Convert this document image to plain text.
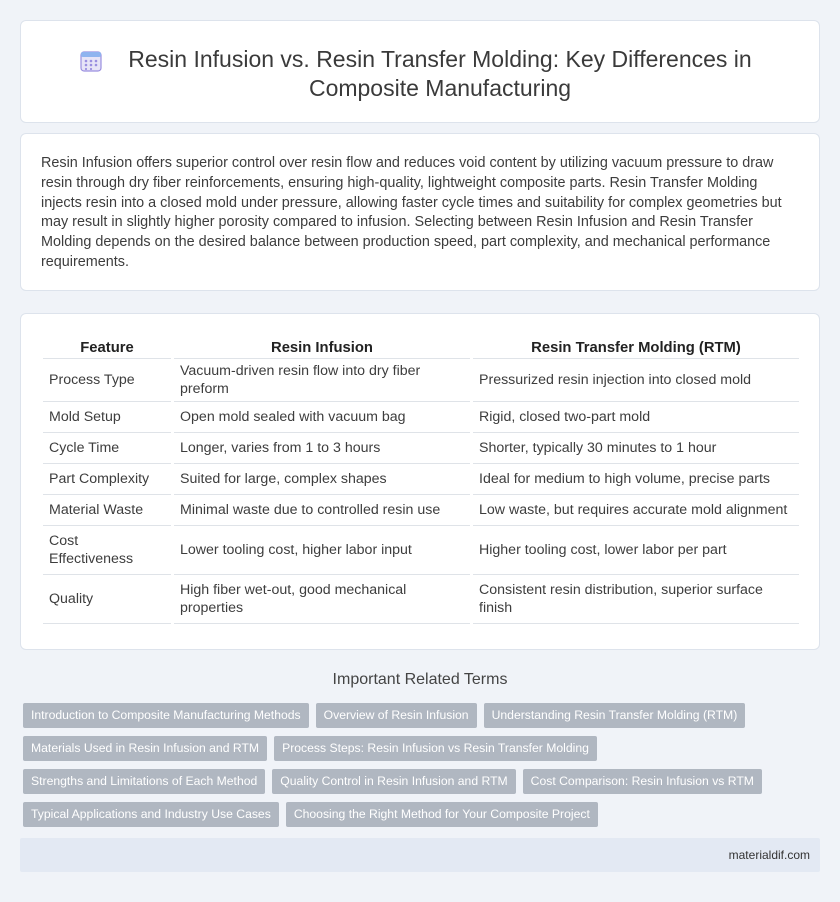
Resin Infusion vs. Resin Transfer Molding: Key Differences in Composite Manufacturing

Resin Infusion offers superior control over resin flow and reduces void content by utilizing vacuum pressure to draw resin through dry fiber reinforcements, ensuring high-quality, lightweight composite parts. Resin Transfer Molding injects resin into a closed mold under pressure, allowing faster cycle times and suitability for complex geometries but may result in slightly higher porosity compared to infusion. Selecting between Resin Infusion and Resin Transfer Molding depends on the desired balance between production speed, part complexity, and mechanical performance requirements.

Feature		Resin Infusion		Resin Transfer Molding (RTM)
Process Type		Vacuum-driven resin flow into dry fiber preform		Pressurized resin injection into closed mold
Mold Setup		Open mold sealed with vacuum bag		Rigid, closed two-part mold
Cycle Time		Longer, varies from 1 to 3 hours		Shorter, typically 30 minutes to 1 hour
Part Complexity		Suited for large, complex shapes		Ideal for medium to high volume, precise parts
Material Waste		Minimal waste due to controlled resin use		Low waste, but requires accurate mold alignment
Cost Effectiveness		Lower tooling cost, higher labor input		Higher tooling cost, lower labor per part
Quality		High fiber wet-out, good mechanical properties		Consistent resin distribution, superior surface finish
Important Related Terms
Introduction to Composite Manufacturing Methods	Overview of Resin Infusion	Understanding Resin Transfer Molding (RTM)
Materials Used in Resin Infusion and RTM	Process Steps: Resin Infusion vs Resin Transfer Molding
Strengths and Limitations of Each Method	Quality Control in Resin Infusion and RTM	Cost Comparison: Resin Infusion vs RTM
Typical Applications and Industry Use Cases	Choosing the Right Method for Your Composite Project
materialdif.com
